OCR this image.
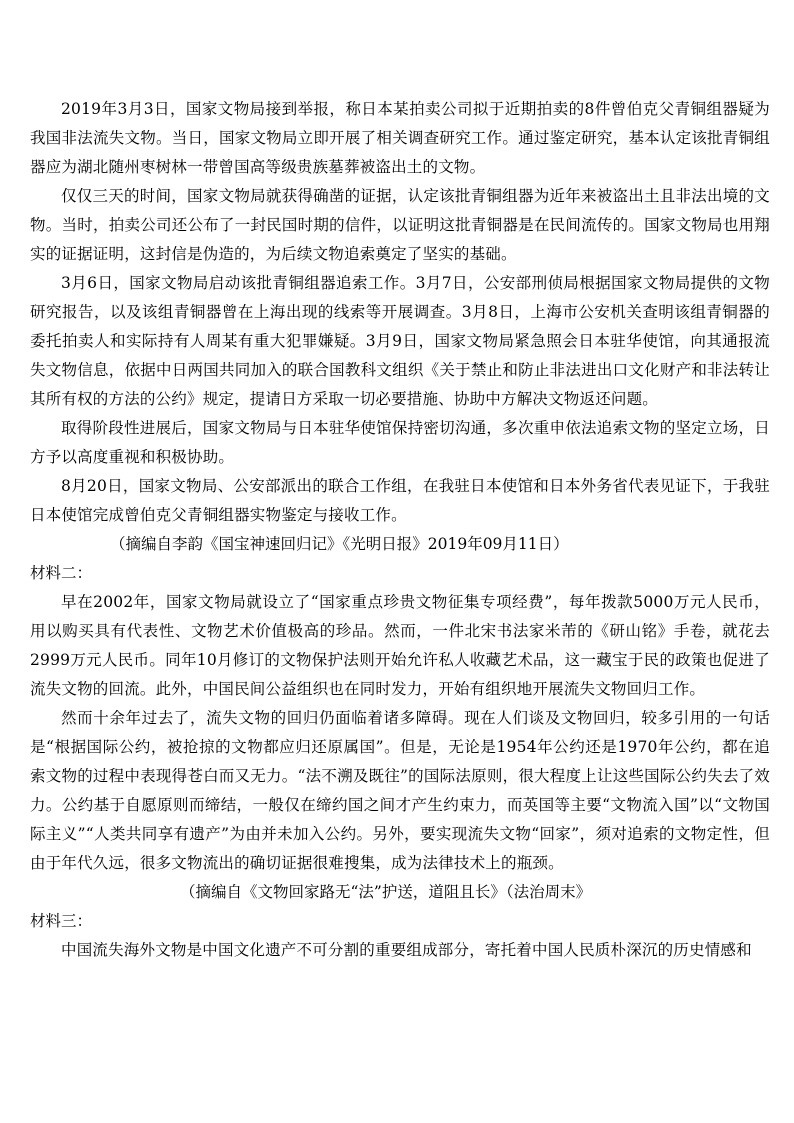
2019年3月3日，国家文物局接到举报，称日本某拍卖公司拟于近期拍卖的8件曾伯克父青铜组器疑为我国非法流失文物。当日，国家文物局立即开展了相关调查研究工作。通过鉴定研究，基本认定该批青铜组器应为湖北随州枣树林一带曾国高等级贵族墓葬被盗出土的文物。

仅仅三天的时间，国家文物局就获得确凿的证据，认定该批青铜组器为近年来被盗出土且非法出境的文物。当时，拍卖公司还公布了一封民国时期的信件，以证明这批青铜器是在民间流传的。国家文物局也用翔实的证据证明，这封信是伪造的，为后续文物追索奠定了坚实的基础。

3月6日，国家文物局启动该批青铜组器追索工作。3月7日，公安部刑侦局根据国家文物局提供的文物研究报告，以及该组青铜器曾在上海出现的线索等开展调查。3月8日，上海市公安机关查明该组青铜器的委托拍卖人和实际持有人周某有重大犯罪嫌疑。3月9日，国家文物局紧急照会日本驻华使馆，向其通报流失文物信息，依据中日两国共同加入的联合国教科文组织《关于禁止和防止非法进出口文化财产和非法转让其所有权的方法的公约》规定，提请日方采取一切必要措施、协助中方解决文物返还问题。

取得阶段性进展后，国家文物局与日本驻华使馆保持密切沟通，多次重申依法追索文物的坚定立场，日方予以高度重视和积极协助。

8月20日，国家文物局、公安部派出的联合工作组，在我驻日本使馆和日本外务省代表见证下，于我驻日本使馆完成曾伯克父青铜组器实物鉴定与接收工作。

（摘编自李韵《国宝神速回归记》《光明日报》2019年09月11日）

材料二：

早在2002年，国家文物局就设立了“国家重点珍贵文物征集专项经费”，每年拨款5000万元人民币，用以购买具有代表性、文物艺术价值极高的珍品。然而，一件北宋书法家米芾的《研山铭》手卷，就花去2999万元人民币。同年10月修订的文物保护法则开始允许私人收藏艺术品，这一藏宝于民的政策也促进了流失文物的回流。此外，中国民间公益组织也在同时发力，开始有组织地开展流失文物回归工作。

然而十余年过去了，流失文物的回归仍面临着诸多障碍。现在人们谈及文物回归，较多引用的一句话是“根据国际公约，被抢掠的文物都应归还原属国”。但是，无论是1954年公约还是1970年公约，都在追索文物的过程中表现得苍白而又无力。“法不溯及既往”的国际法原则，很大程度上让这些国际公约失去了效力。公约基于自愿原则而缔结，一般仅在缔约国之间才产生约束力，而英国等主要“文物流入国”以“文物国际主义”“人类共同享有遗产”为由并未加入公约。另外，要实现流失文物“回家”，须对追索的文物定性，但由于年代久远，很多文物流出的确切证据很难搜集，成为法律技术上的瓶颈。

（摘编自《文物回家路无“法”护送，道阻且长》（法治周末》

材料三：

中国流失海外文物是中国文化遗产不可分割的重要组成部分，寄托着中国人民质朴深沉的历史情感和
